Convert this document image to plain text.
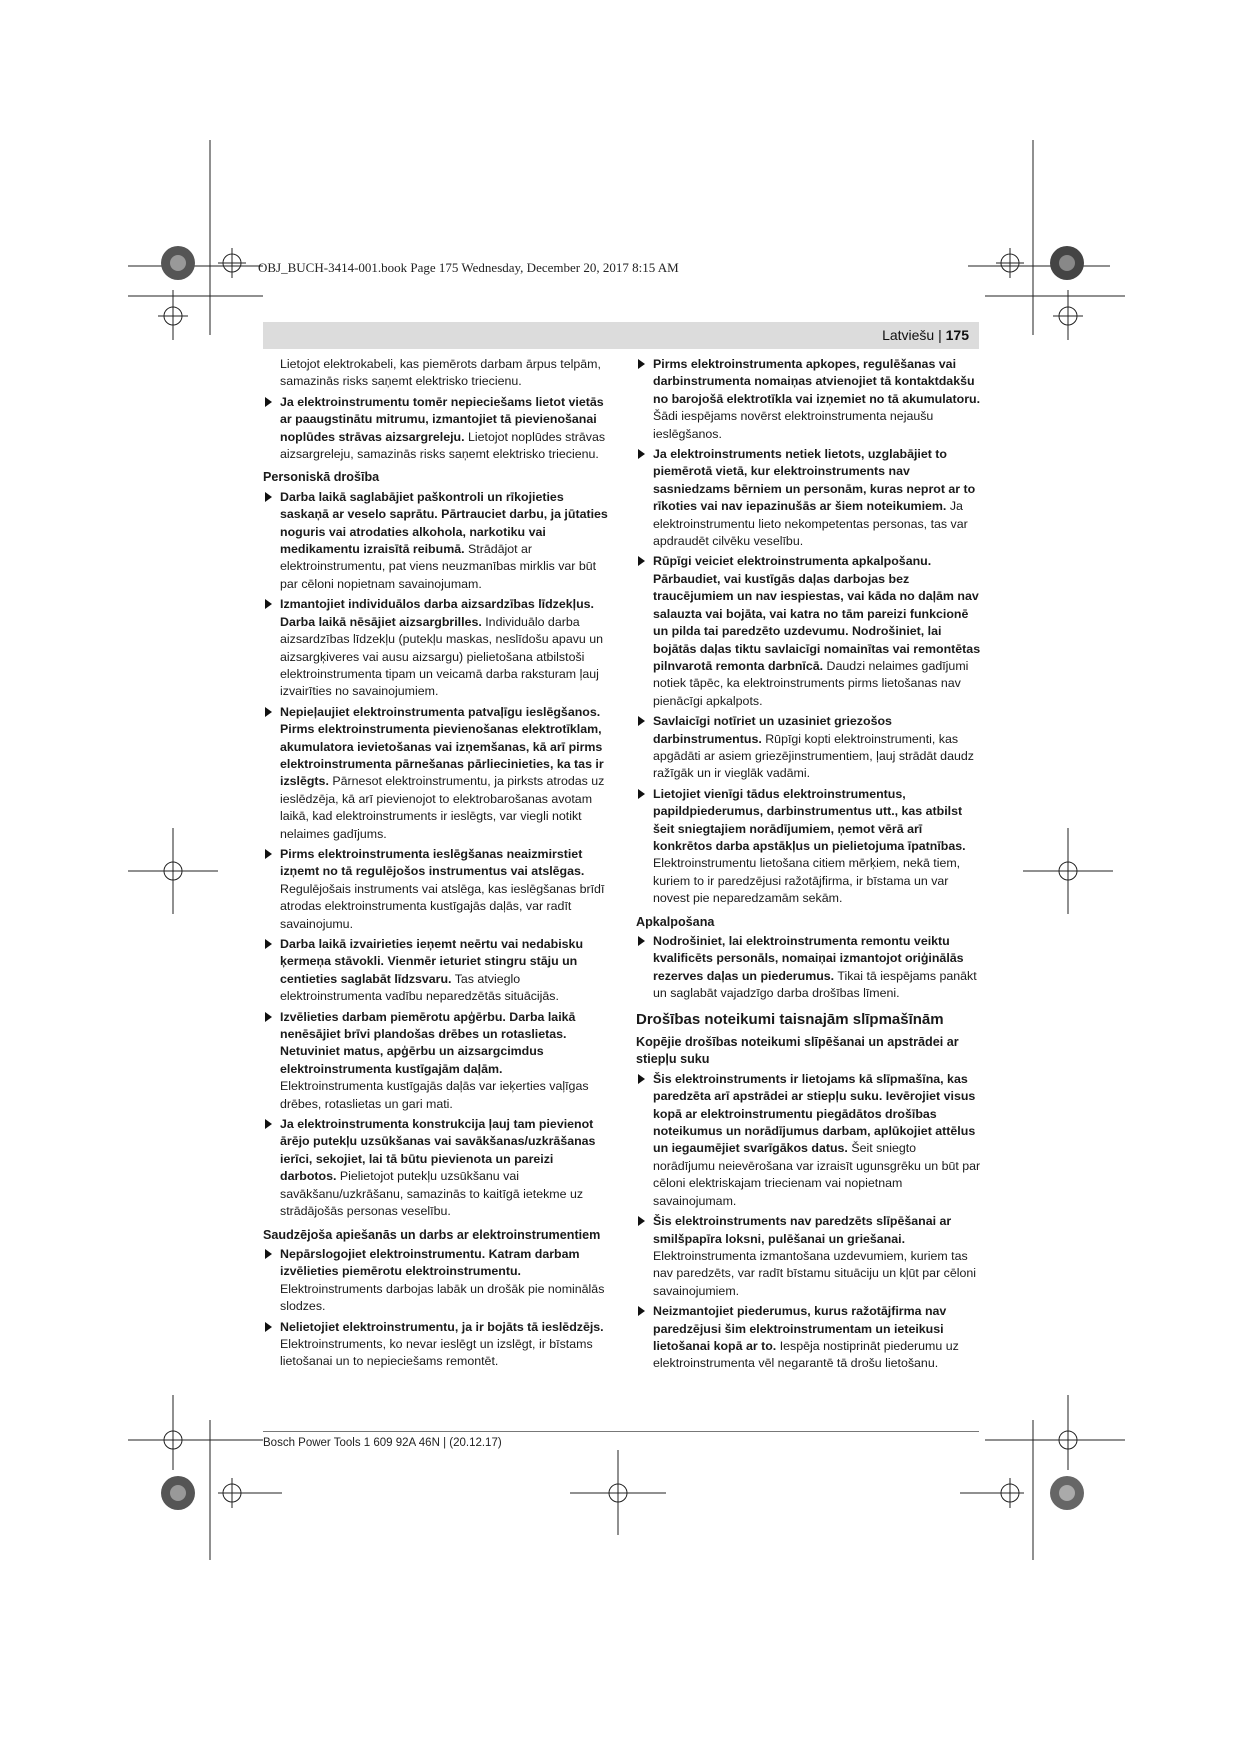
OBJ_BUCH-3414-001.book Page 175 Wednesday, December 20, 2017 8:15 AM
Latviešu | 175

Lietojot elektrokabeli, kas piemērots darbam ārpus telpām, samazinās risks saņemt elektrisko triecienu.

Ja elektroinstrumentu tomēr nepieciešams lietot vietās ar paaugstinātu mitrumu, izmantojiet tā pievienošanai noplūdes strāvas aizsargreleju. Lietojot noplūdes strāvas aizsargreleju, samazinās risks saņemt elektrisko triecienu.
Personiskā drošība
Darba laikā saglabājiet paškontroli un rīkojieties saskaņā ar veselo saprātu. Pārtrauciet darbu, ja jūtaties noguris vai atrodaties alkohola, narkotiku vai medikamentu izraisītā reibumā. Strādājot ar elektroinstrumentu, pat viens neuzmanības mirklis var būt par cēloni nopietnam savainojumam.
Izmantojiet individuālos darba aizsardzības līdzekļus. Darba laikā nēsājiet aizsargbrilles. Individuālo darba aizsardzības līdzekļu (putekļu maskas, neslīdošu apavu un aizsargķiveres vai ausu aizsargu) pielietošana atbilstoši elektroinstrumenta tipam un veicamā darba raksturam ļauj izvairīties no savainojumiem.
Nepieļaujiet elektroinstrumenta patvaļīgu ieslēgšanos. Pirms elektroinstrumenta pievienošanas elektrotīklam, akumulatora ievietošanas vai izņemšanas, kā arī pirms elektroinstrumenta pārnešanas pārliecinieties, ka tas ir izslēgts. Pārnesot elektroinstrumentu, ja pirksts atrodas uz ieslēdzēja, kā arī pievienojot to elektrobarošanas avotam laikā, kad elektroinstruments ir ieslēgts, var viegli notikt nelaimes gadījums.
Pirms elektroinstrumenta ieslēgšanas neaizmirstiet izņemt no tā regulējošos instrumentus vai atslēgas. Regulējošais instruments vai atslēga, kas ieslēgšanas brīdī atrodas elektroinstrumenta kustīgajās daļās, var radīt savainojumu.
Darba laikā izvairieties ieņemt neērtu vai nedabisku ķermeņa stāvokli. Vienmēr ieturiet stingru stāju un centieties saglabāt līdzsvaru. Tas atvieglo elektroinstrumenta vadību neparedzētās situācijās.
Izvēlieties darbam piemērotu apģērbu. Darba laikā nenēsājiet brīvi plandošas drēbes un rotaslietas. Netuviniet matus, apģērbu un aizsargcimdus elektroinstrumenta kustīgajām daļām. Elektroinstrumenta kustīgajās daļās var ieķerties vaļīgas drēbes, rotaslietas un gari mati.
Ja elektroinstrumenta konstrukcija ļauj tam pievienot ārējo putekļu uzsūkšanas vai savākšanas/uzkrāšanas ierīci, sekojiet, lai tā būtu pievienota un pareizi darbotos. Pielietojot putekļu uzsūkšanu vai savākšanu/uzkrāšanu, samazinās to kaitīgā ietekme uz strādājošās personas veselību.
Saudzējoša apiešanās un darbs ar elektroinstrumentiem
Nepārslogojiet elektroinstrumentu. Katram darbam izvēlieties piemērotu elektroinstrumentu. Elektroinstruments darbojas labāk un drošāk pie nominālās slodzes.
Nelietojiet elektroinstrumentu, ja ir bojāts tā ieslēdzējs. Elektroinstruments, ko nevar ieslēgt un izslēgt, ir bīstams lietošanai un to nepieciešams remontēt.
Pirms elektroinstrumenta apkopes, regulēšanas vai darbinstrumenta nomaiņas atvienojiet tā kontaktdakšu no barojošā elektrotīkla vai izņemiet no tā akumulatoru. Šādi iespējams novērst elektroinstrumenta nejaušu ieslēgšanos.
Ja elektroinstruments netiek lietots, uzglabājiet to piemērotā vietā, kur elektroinstruments nav sasniedzams bērniem un personām, kuras neprot ar to rīkoties vai nav iepazinušās ar šiem noteikumiem. Ja elektroinstrumentu lieto nekompetentas personas, tas var apdraudēt cilvēku veselību.
Rūpīgi veiciet elektroinstrumenta apkalpošanu. Pārbaudiet, vai kustīgās daļas darbojas bez traucējumiem un nav iespiestas, vai kāda no daļām nav salauzta vai bojāta, vai katra no tām pareizi funkcionē un pilda tai paredzēto uzdevumu. Nodrošiniet, lai bojātās daļas tiktu savlaicīgi nomainītas vai remontētas pilnvarotā remonta darbnīcā. Daudzi nelaimes gadījumi notiek tāpēc, ka elektroinstruments pirms lietošanas nav pienācīgi apkalpots.
Savlaicīgi notīriet un uzasiniet griezošos darbinstrumentus. Rūpīgi kopti elektroinstrumenti, kas apgādāti ar asiem griezējinstrumentiem, ļauj strādāt daudz ražīgāk un ir vieglāk vadāmi.
Lietojiet vienīgi tādus elektroinstrumentus, papildpiederumus, darbinstrumentus utt., kas atbilst šeit sniegtajiem norādījumiem, ņemot vērā arī konkrētos darba apstākļus un pielietojuma īpatnības. Elektroinstrumentu lietošana citiem mērķiem, nekā tiem, kuriem to ir paredzējusi ražotājfirma, ir bīstama un var novest pie neparedzamām sekām.
Apkalpošana
Nodrošiniet, lai elektroinstrumenta remontu veiktu kvalificēts personāls, nomaiņai izmantojot oriģinālās rezerves daļas un piederumus. Tikai tā iespējams panākt un saglabāt vajadzīgo darba drošības līmeni.
Drošības noteikumi taisnajām slīpmašīnām
Kopējie drošības noteikumi slīpēšanai un apstrādei ar stiepļu suku
Šis elektroinstruments ir lietojams kā slīpmašīna, kas paredzēta arī apstrādei ar stiepļu suku. Ievērojiet visus kopā ar elektroinstrumentu piegādātos drošības noteikumus un norādījumus darbam, aplūkojiet attēlus un iegaumējiet svarīgākos datus. Šeit sniegto norādījumu neievērošana var izraisīt ugunsgrēku un būt par cēloni elektriskajam triecienam vai nopietnam savainojumam.
Šis elektroinstruments nav paredzēts slīpēšanai ar smilšpapīra loksni, pulēšanai un griešanai. Elektroinstrumenta izmantošana uzdevumiem, kuriem tas nav paredzēts, var radīt bīstamu situāciju un kļūt par cēloni savainojumiem.
Neizmantojiet piederumus, kurus ražotājfirma nav paredzējusi šim elektroinstrumentam un ieteikusi lietošanai kopā ar to. Iespēja nostiprināt piederumu uz elektroinstrumenta vēl negarantē tā drošu lietošanu.
Bosch Power Tools 1 609 92A 46N | (20.12.17)
